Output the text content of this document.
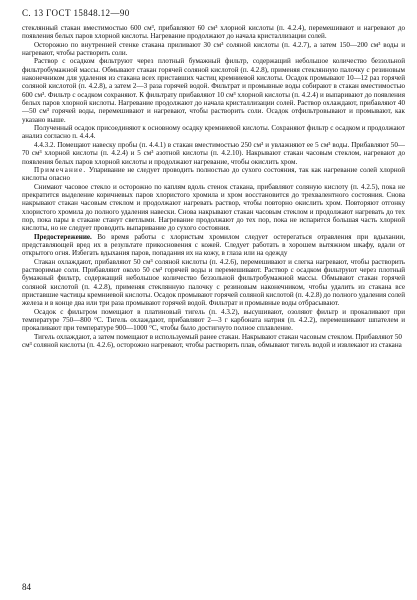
С. 13 ГОСТ 15848.12—90

стеклянный стакан вместимостью 600 см³, прибавляют 60 см³ хлорной кислоты (п. 4.2.4), перемешивают и нагревают до появления белых паров хлорной кислоты. Нагревание продолжают до начала кристаллизации солей.

Осторожно по внутренней стенке стакана приливают 30 см³ соляной кислоты (п. 4.2.7), а затем 150—200 см³ воды и нагревают, чтобы растворить соли.

Раствор с осадком фильтруют через плотный бумажный фильтр, содержащий небольшое количество беззольной фильтробумажной массы. Обмывают стакан горячей соляной кислотой (п. 4.2.8), применяя стеклянную палочку с резиновым наконечником для удаления из стакана всех приставших частиц кремниевой кислоты. Осадок промывают 10—12 раз горячей соляной кислотой (п. 4.2.8), а затем 2—3 раза горячей водой. Фильтрат и промывные воды собирают в стакан вместимостью 600 см³. Фильтр с осадком сохраняют. К фильтрату прибавляют 10 см³ хлорной кислоты (п. 4.2.4) и выпаривают до появления белых паров хлорной кислоты. Нагревание продолжают до начала кристаллизации солей. Раствор охлаждают, прибавляют 40—50 см³ горячей воды, перемешивают и нагревают, чтобы растворить соли. Осадок отфильтровывают и промывают, как указано выше.

Полученный осадок присоединяют к основному осадку кремниевой кислоты. Сохраняют фильтр с осадком и продолжают анализ согласно п. 4.4.4.

4.4.3.2. Помещают навеску пробы (п. 4.4.1) в стакан вместимостью 250 см³ и увлажняют ее 5 см³ воды. Прибавляют 50—70 см³ хлорной кислоты (п. 4.2.4) и 5 см³ азотной кислоты (п. 4.2.10). Накрывают стакан часовым стеклом, нагревают до появления белых паров хлорной кислоты и продолжают нагревание, чтобы окислить хром.

Примечание. Упаривание не следует проводить полностью до сухого состояния, так как нагревание солей хлорной кислоты опасно

Снимают часовое стекло и осторожно по каплям вдоль стенок стакана, прибавляют соляную кислоту (п. 4.2.5), пока не прекратится выделение коричневых паров хлористого хромила и хром восстановится до трехвалентного состояния. Снова накрывают стакан часовым стеклом и продолжают нагревать раствор, чтобы повторно окислить хром. Повторяют отгонку хлористого хромила до полного удаления навески. Снова накрывают стакан часовым стеклом и продолжают нагревать до тех пор, пока пары в стакане станут светлыми. Нагревание продолжают до тех пор, пока не испарится большая часть хлорной кислоты, но не следует проводить выпаривание до сухого состояния.

Предостережение. Во время работы с хлористым хромилом следует остерегаться отравления при вдыхании, представляющей вред их в результате прикосновения с кожей. Следует работать в хорошем вытяжном шкафу, вдали от открытого огня. Избегать вдыхания паров, попадания их на кожу, в глаза или на одежду

Стакан охлаждают, прибавляют 50 см³ соляной кислоты (п. 4.2.6), перемешивают и слегка нагревают, чтобы растворить растворимые соли. Прибавляют около 50 см³ горячей воды и перемешивают. Раствор с осадком фильтруют через плотный бумажный фильтр, содержащий небольшое количество беззольной фильтробумажной массы. Обмывают стакан горячей соляной кислотой (п. 4.2.8), применяя стеклянную палочку с резиновым наконечником, чтобы удалить из стакана все приставшие частицы кремниевой кислоты. Осадок промывают горячей соляной кислотой (п. 4.2.8) до полного удаления солей железа и в конце два или три раза промывают горячей водой. Фильтрат и промывные воды отбрасывают.

Осадок с фильтром помещают в платиновый тигель (п. 4.3.2), высушивают, озоляют фильтр и прокаливают при температуре 750—800 °С. Тигель охлаждают, прибавляют 2—3 г карбоната натрия (п. 4.2.2), перемешивают шпателем и прокаливают при температуре 900—1000 °С, чтобы было достигнуто полное сплавление.

Тигель охлаждают, а затем помещают в используемый ранее стакан. Накрывают стакан часовым стеклом. Прибавляют 50 см³ соляной кислоты (п. 4.2.6), осторожно нагревают, чтобы растворить плав, обмывают тигель водой и извлекают из стакана

84
